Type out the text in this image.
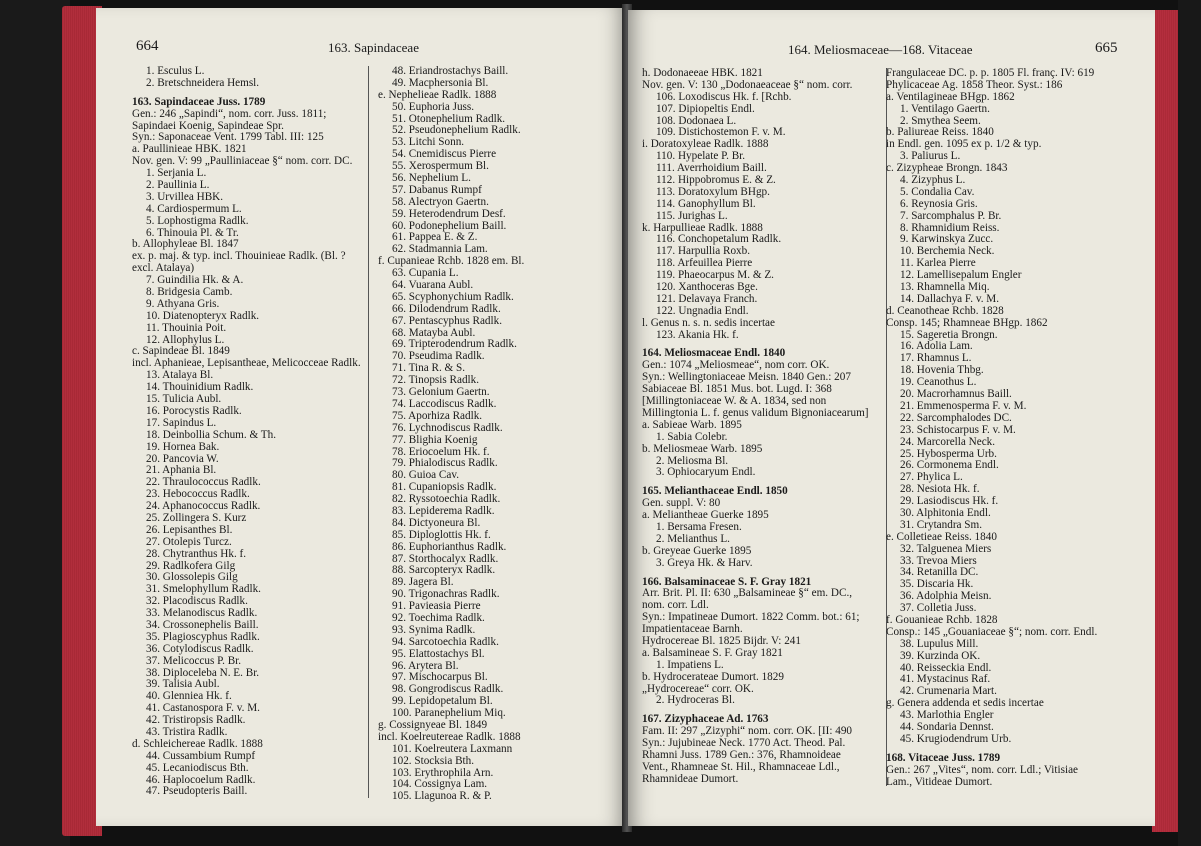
664	163. Sapindaceae
1. Esculus L.
2. Bretschneidera Hemsl.
163. Sapindaceae Juss. 1789
Gen.: 246 „Sapindi“, nom. corr. Juss. 1811;
Sapindaei Koenig, Sapindeae Spr.
Syn.: Saponaceae Vent. 1799 Tabl. III: 125
a. Paullinieae HBK. 1821
Nov. gen. V: 99 „Paulliniaceae §“ nom. corr. DC.
1. Serjania L.
2. Paullinia L.
3. Urvillea HBK.
4. Cardiospermum L.
5. Lophostigma Radlk.
6. Thinouia Pl. & Tr.
b. Allophyleae Bl. 1847
ex. p. maj. & typ. incl. Thouinieae Radlk. (Bl. ?
excl. Atalaya)
7. Guindilia Hk. & A.
8. Bridgesia Camb.
9. Athyana Gris.
10. Diatenopteryx Radlk.
11. Thouinia Poit.
12. Allophylus L.
c. Sapindeae Bl. 1849
incl. Aphanieae, Lepisantheae, Melicocceae Radlk.
13. Atalaya Bl.
14. Thouinidium Radlk.
15. Tulicia Aubl.
16. Porocystis Radlk.
17. Sapindus L.
18. Deinbollia Schum. & Th.
19. Hornea Bak.
20. Pancovia W.
21. Aphania Bl.
22. Thraulococcus Radlk.
23. Hebococcus Radlk.
24. Aphanococcus Radlk.
25. Zollingera S. Kurz
26. Lepisanthes Bl.
27. Otolepis Turcz.
28. Chytranthus Hk. f.
29. Radlkofera Gilg
30. Glossolepis Gilg
31. Smelophyllum Radlk.
32. Placodiscus Radlk.
33. Melanodiscus Radlk.
34. Crossonephelis Baill.
35. Plagioscyphus Radlk.
36. Cotylodiscus Radlk.
37. Melicoccus P. Br.
38. Diploceleba N. E. Br.
39. Talisia Aubl.
40. Glenniea Hk. f.
41. Castanospora F. v. M.
42. Tristiropsis Radlk.
43. Tristira Radlk.
d. Schleichereae Radlk. 1888
44. Cussambium Rumpf
45. Lecaniodiscus Bth.
46. Haplocoelum Radlk.
47. Pseudopteris Baill.
48. Eriandrostachys Baill.
49. Macphersonia Bl.
e. Nephelieae Radlk. 1888
50. Euphoria Juss.
51. Otonephelium Radlk.
52. Pseudonephelium Radlk.
53. Litchi Sonn.
54. Cnemidiscus Pierre
55. Xerospermum Bl.
56. Nephelium L.
57. Dabanus Rumpf
58. Alectryon Gaertn.
59. Heterodendrum Desf.
60. Podonephelium Baill.
61. Pappea E. & Z.
62. Stadmannia Lam.
f. Cupanieae Rchb. 1828 em. Bl.
63. Cupania L.
64. Vuarana Aubl.
65. Scyphonychium Radlk.
66. Dilodendrum Radlk.
67. Pentascyphus Radlk.
68. Matayba Aubl.
69. Tripterodendrum Radlk.
70. Pseudima Radlk.
71. Tina R. & S.
72. Tinopsis Radlk.
73. Gelonium Gaertn.
74. Laccodiscus Radlk.
75. Aporhiza Radlk.
76. Lychnodiscus Radlk.
77. Blighia Koenig
78. Eriocoelum Hk. f.
79. Phialodiscus Radlk.
80. Guioa Cav.
81. Cupaniopsis Radlk.
82. Ryssotoechia Radlk.
83. Lepiderema Radlk.
84. Dictyoneura Bl.
85. Diploglottis Hk. f.
86. Euphorianthus Radlk.
87. Storthocalyx Radlk.
88. Sarcopteryx Radlk.
89. Jagera Bl.
90. Trigonachras Radlk.
91. Pavieasia Pierre
92. Toechima Radlk.
93. Synima Radlk.
94. Sarcotoechia Radlk.
95. Elattostachys Bl.
96. Arytera Bl.
97. Mischocarpus Bl.
98. Gongrodiscus Radlk.
99. Lepidopetalum Bl.
100. Paranephelium Miq.
g. Cossignyeae Bl. 1849
incl. Koelreutereae Radlk. 1888
101. Koelreutera Laxmann
102. Stocksia Bth.
103. Erythrophila Arn.
104. Cossignya Lam.
105. Llagunoa R. & P.
164. Meliosmaceae—168. Vitaceae	665
h. Dodonaeeae HBK. 1821
Nov. gen. V: 130 „Dodonaeaceae §“ nom. corr.
106. Loxodiscus Hk. f. [Rchb.
107. Dipiopeltis Endl.
108. Dodonaea L.
109. Distichostemon F. v. M.
i. Doratoxyleae Radlk. 1888
110. Hypelate P. Br.
111. Averrhoidium Baill.
112. Hippobromus E. & Z.
113. Doratoxylum BHgp.
114. Ganophyllum Bl.
115. Jurighas L.
k. Harpullieae Radlk. 1888
116. Conchopetalum Radlk.
117. Harpullia Roxb.
118. Arfeuillea Pierre
119. Phaeocarpus M. & Z.
120. Xanthoceras Bge.
121. Delavaya Franch.
122. Ungnadia Endl.
l. Genus n. s. n. sedis incertae
123. Akania Hk. f.
164. Meliosmaceae Endl. 1840
Gen.: 1074 „Meliosmeae“, nom corr. OK.
Syn.: Wellingtoniaceae Meisn. 1840 Gen.: 207
Sabiaceae Bl. 1851 Mus. bot. Lugd. I: 368
[Millingtoniaceae W. & A. 1834, sed non
Millingtonia L. f. genus validum Bignoniacearum]
a. Sabieae Warb. 1895
1. Sabia Colebr.
b. Meliosmeae Warb. 1895
2. Meliosma Bl.
3. Ophiocaryum Endl.
165. Melianthaceae Endl. 1850
Gen. suppl. V: 80
a. Melianthеae Guerke 1895
1. Bersama Fresen.
2. Melianthus L.
b. Greyeae Guerke 1895
3. Greya Hk. & Harv.
166. Balsaminaceae S. F. Gray 1821
Arr. Brit. Pl. II: 630 „Balsamineae §“ em. DC.,
nom. corr. Ldl.
Syn.: Impatineae Dumort. 1822 Comm. bot.: 61;
Impatientaceae Barnh.
Hydrocereae Bl. 1825 Bijdr. V: 241
a. Balsamineae S. F. Gray 1821
1. Impatiens L.
b. Hydrocerateae Dumort. 1829
„Hydrocereae“ corr. OK.
2. Hydroceras Bl.
167. Zizyphaceae Ad. 1763
Fam. II: 297 „Zizyphi“ nom. corr. OK. [II: 490
Syn.: Jujubineae Neck. 1770 Act. Theod. Pal.
Rhamni Juss. 1789 Gen.: 376, Rhamnoideae
Vent., Rhamneae St. Hil., Rhamnaceae Ldl.,
Rhamnideae Dumort.
Frangulaceae DC. p. p. 1805 Fl. franç. IV: 619
Phylicaceae Ag. 1858 Theor. Syst.: 186
a. Ventilagineae BHgp. 1862
1. Ventilago Gaertn.
2. Smythea Seem.
b. Paliureae Reiss. 1840
in Endl. gen. 1095 ex p. 1/2 & typ.
3. Paliurus L.
c. Zizypheae Brongn. 1843
4. Zizyphus L.
5. Condalia Cav.
6. Reynosia Gris.
7. Sarcomphalus P. Br.
8. Rhamnidium Reiss.
9. Karwinskya Zucc.
10. Berchemia Neck.
11. Karlea Pierre
12. Lamellisepalum Engler
13. Rhamnella Miq.
14. Dallachya F. v. M.
d. Ceanotheae Rchb. 1828
Consp. 145; Rhamneae BHgp. 1862
15. Sageretia Brongn.
16. Adolia Lam.
17. Rhamnus L.
18. Hovenia Thbg.
19. Ceanothus L.
20. Macrorhamnus Baill.
21. Emmenosperma F. v. M.
22. Sarcomphalodes DC.
23. Schistocarpus F. v. M.
24. Marcorella Neck.
25. Hybosperma Urb.
26. Cormonema Endl.
27. Phylica L.
28. Nesiota Hk. f.
29. Lasiodiscus Hk. f.
30. Alphitonia Endl.
31. Crytandra Sm.
e. Colletieae Reiss. 1840
32. Talguenea Miers
33. Trevoa Miers
34. Retanilla DC.
35. Discaria Hk.
36. Adolphia Meisn.
37. Colletia Juss.
f. Gouanieae Rchb. 1828
Consp.: 145 „Gouaniaceae §“; nom. corr. Endl.
38. Lupulus Mill.
39. Kurzinda OK.
40. Reisseckia Endl.
41. Mystacinus Raf.
42. Crumenaria Mart.
g. Genera addenda et sedis incertae
43. Marlothia Engler
44. Sondaria Dennst.
45. Krugiodendrum Urb.
168. Vitaceae Juss. 1789
Gen.: 267 „Vites“, nom. corr. Ldl.; Vitisiae
Lam., Vitideae Dumort.
